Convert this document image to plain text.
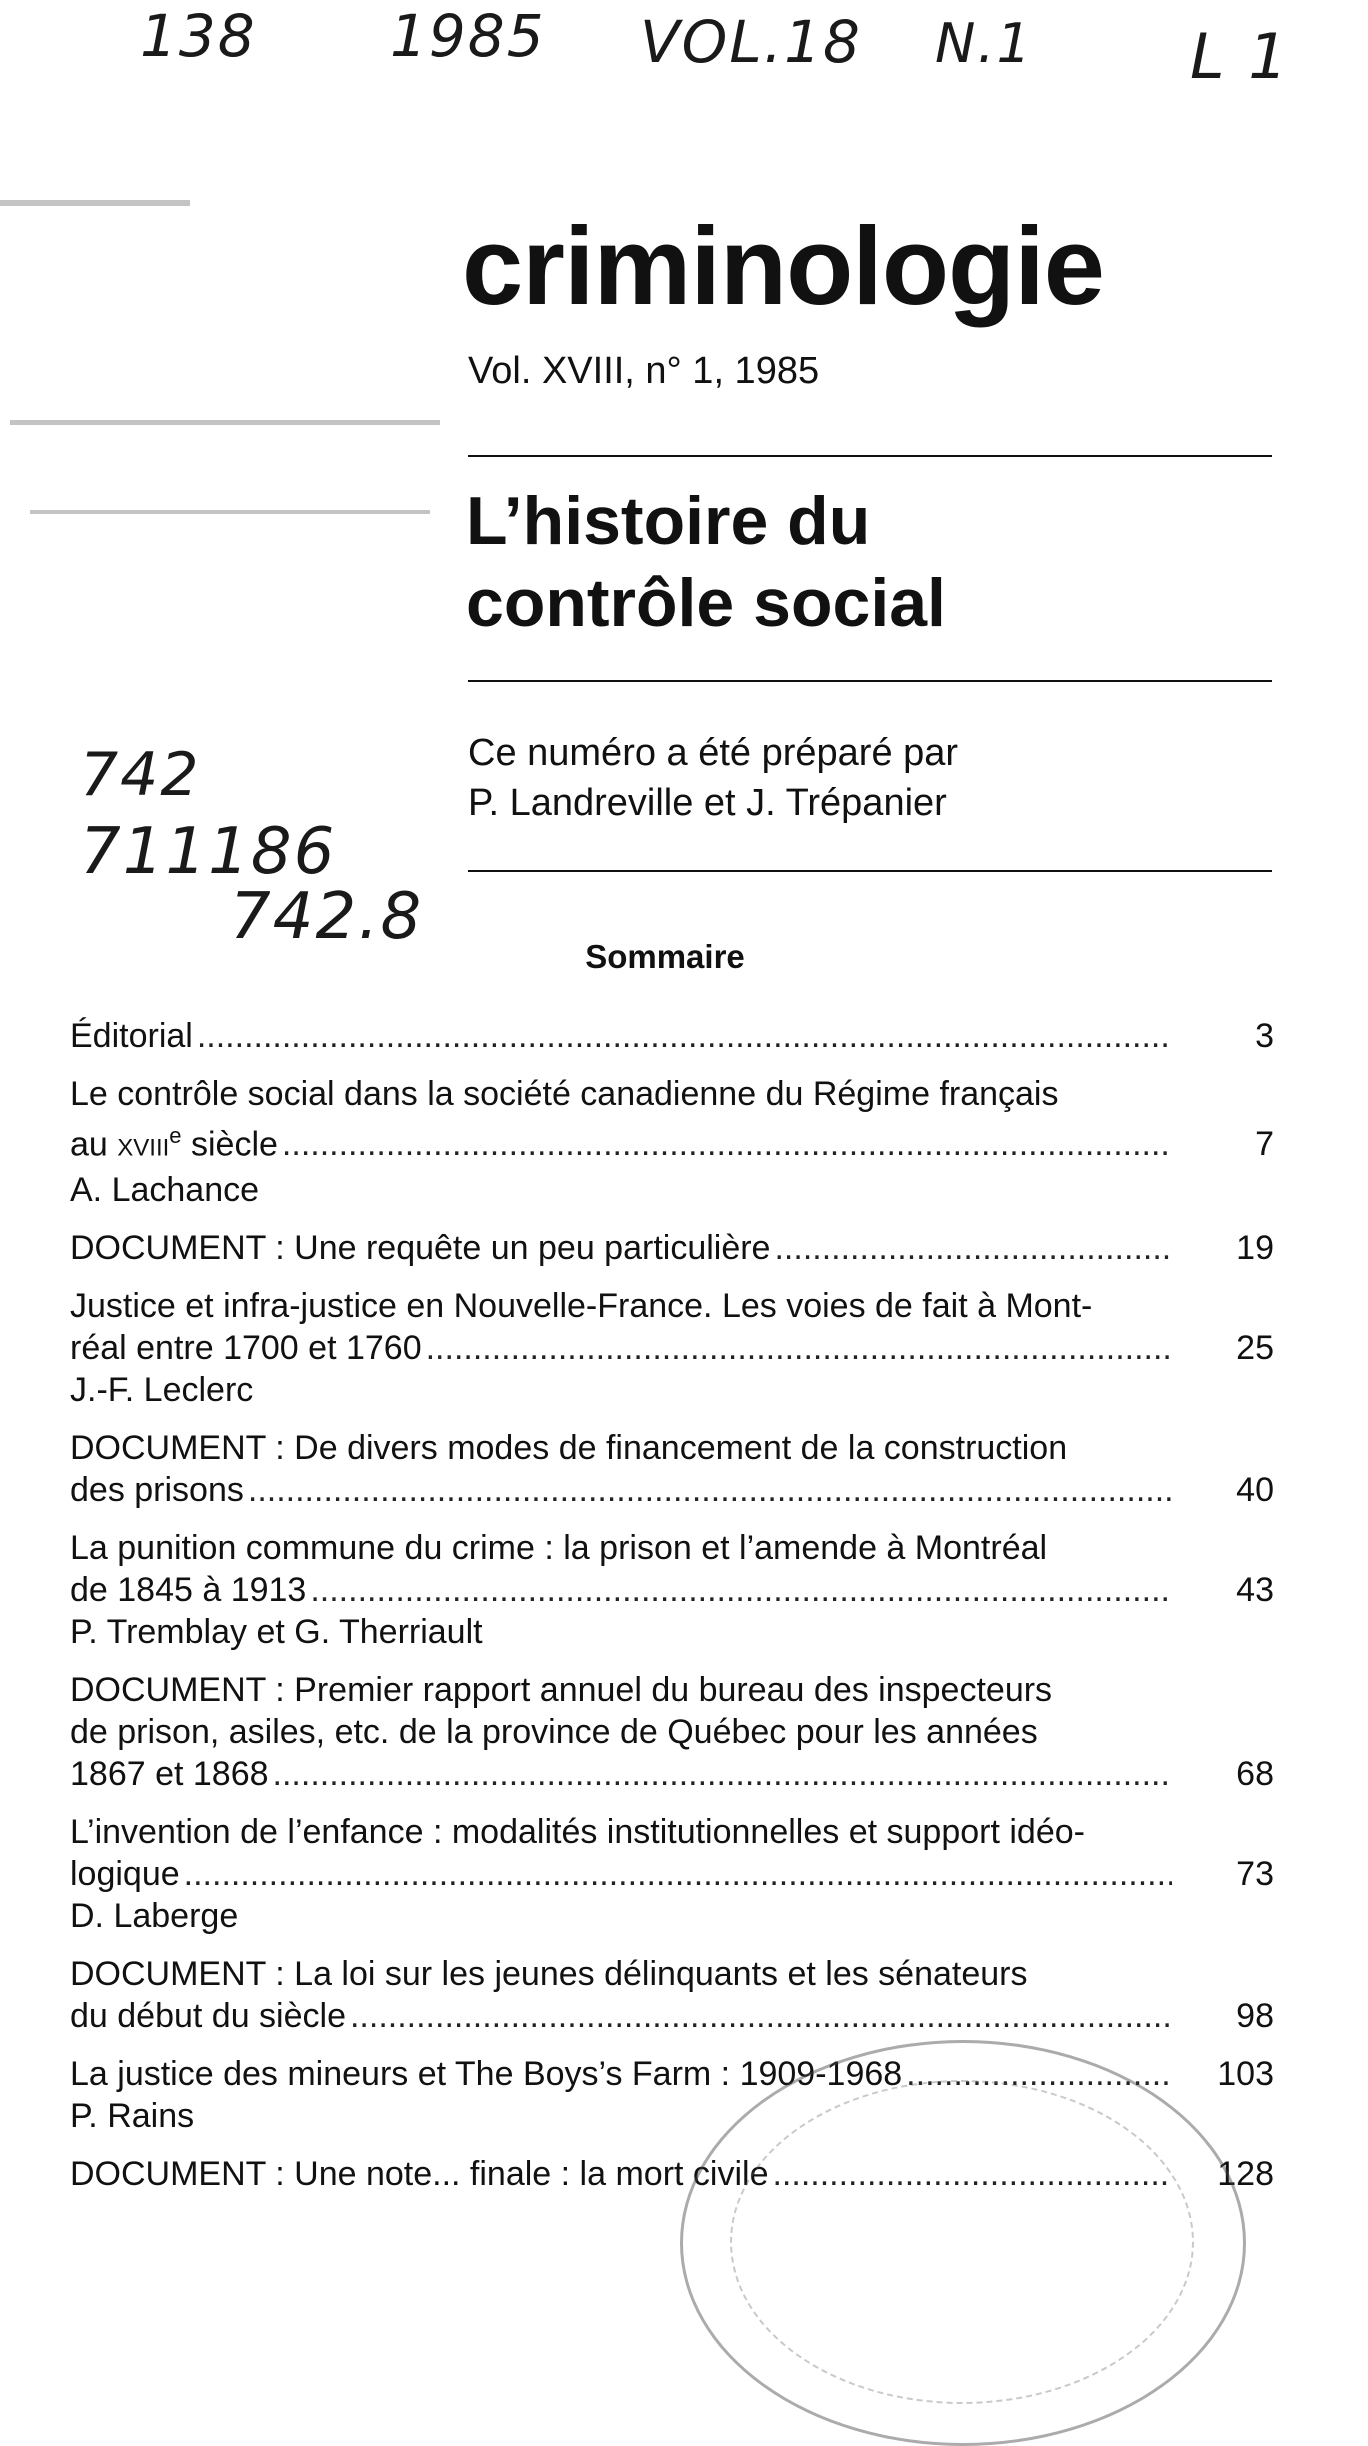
138 1985 VOL.18 N.1	L 1
742
711186
742.8
criminologie
Vol. XVIII, n° 1, 1985
L’histoire du
contrôle social
Ce numéro a été préparé par
P. Landreville et J. Trépanier
Sommaire
Éditorial .....	3
Le contrôle social dans la société canadienne du Régime français
au XVIIIe siècle .....	7
A. Lachance
DOCUMENT : Une requête un peu particulière .....	19
Justice et infra-justice en Nouvelle-France. Les voies de fait à Mont-
réal entre 1700 et 1760 .....	25
J.-F. Leclerc
DOCUMENT : De divers modes de financement de la construction
des prisons .....	40
La punition commune du crime : la prison et l’amende à Montréal
de 1845 à 1913 .....	43
P. Tremblay et G. Therriault
DOCUMENT : Premier rapport annuel du bureau des inspecteurs
de prison, asiles, etc. de la province de Québec pour les années
1867 et 1868 .....	68
L’invention de l’enfance : modalités institutionnelles et support idéo-
logique .....	73
D. Laberge
DOCUMENT : La loi sur les jeunes délinquants et les sénateurs
du début du siècle .....	98
La justice des mineurs et The Boys’s Farm : 1909-1968 .....	103
P. Rains
DOCUMENT : Une note... finale : la mort civile .....	128
